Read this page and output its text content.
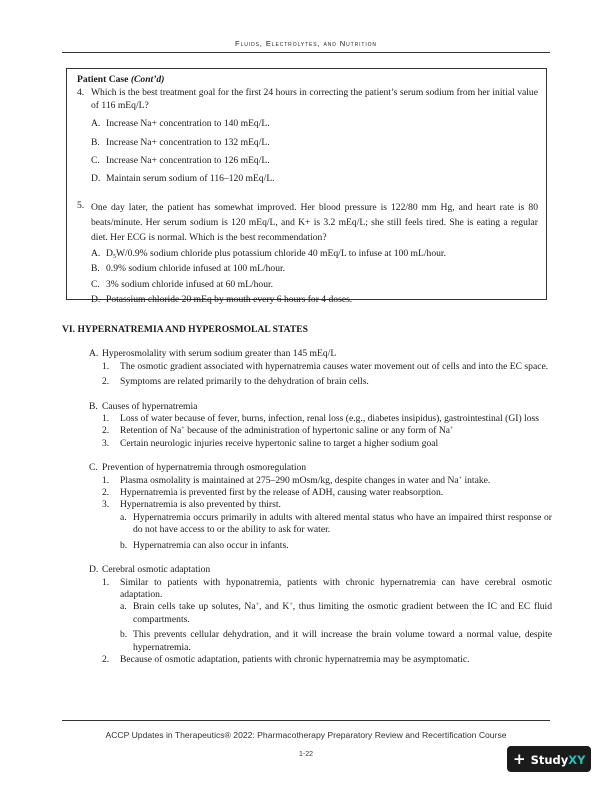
Fluids, Electrolytes, and Nutrition
Patient Case (Cont’d)
4. Which is the best treatment goal for the first 24 hours in correcting the patient’s serum sodium from her initial value of 116 mEq/L?
A. Increase Na+ concentration to 140 mEq/L.
B. Increase Na+ concentration to 132 mEq/L.
C. Increase Na+ concentration to 126 mEq/L.
D. Maintain serum sodium of 116–120 mEq/L.
5. One day later, the patient has somewhat improved. Her blood pressure is 122/80 mm Hg, and heart rate is 80 beats/minute. Her serum sodium is 120 mEq/L, and K+ is 3.2 mEq/L; she still feels tired. She is eating a regular diet. Her ECG is normal. Which is the best recommendation?
A. $D_5W/0.9\%$ sodium chloride plus potassium chloride 40 mEq/L to infuse at 100 mL/hour.
B. 0.9% sodium chloride infused at 100 mL/hour.
C. 3% sodium chloride infused at 60 mL/hour.
D. Potassium chloride 20 mEq by mouth every 6 hours for 4 doses.
VI. HYPERNATREMIA AND HYPEROSMOLAL STATES
A. Hyperosmolality with serum sodium greater than 145 mEq/L
1.	The osmotic gradient associated with hypernatremia causes water movement out of cells and into the EC space.
2.	Symptoms are related primarily to the dehydration of brain cells.
B. Causes of hypernatremia
1.	Loss of water because of fever, burns, infection, renal loss (e.g., diabetes insipidus), gastrointestinal (GI) loss
2.	Retention of Na+ because of the administration of hypertonic saline or any form of Na+
3.	Certain neurologic injuries receive hypertonic saline to target a higher sodium goal
C. Prevention of hypernatremia through osmoregulation
1.	Plasma osmolality is maintained at 275–290 mOsm/kg, despite changes in water and Na+ intake.
2.	Hypernatremia is prevented first by the release of ADH, causing water reabsorption.
3.	Hypernatremia is also prevented by thirst.
a. Hypernatremia occurs primarily in adults with altered mental status who have an impaired thirst response or do not have access to or the ability to ask for water.
b. Hypernatremia can also occur in infants.
D. Cerebral osmotic adaptation
1.	Similar to patients with hyponatremia, patients with chronic hypernatremia can have cerebral osmotic adaptation.
a. Brain cells take up solutes, Na+, and K+, thus limiting the osmotic gradient between the IC and EC fluid compartments.
b. This prevents cellular dehydration, and it will increase the brain volume toward a normal value, despite hypernatremia.
2.	Because of osmotic adaptation, patients with chronic hypernatremia may be asymptomatic.
ACCP Updates in Therapeutics® 2022: Pharmacotherapy Preparatory Review and Recertification Course
1-22	+ StudyXY
